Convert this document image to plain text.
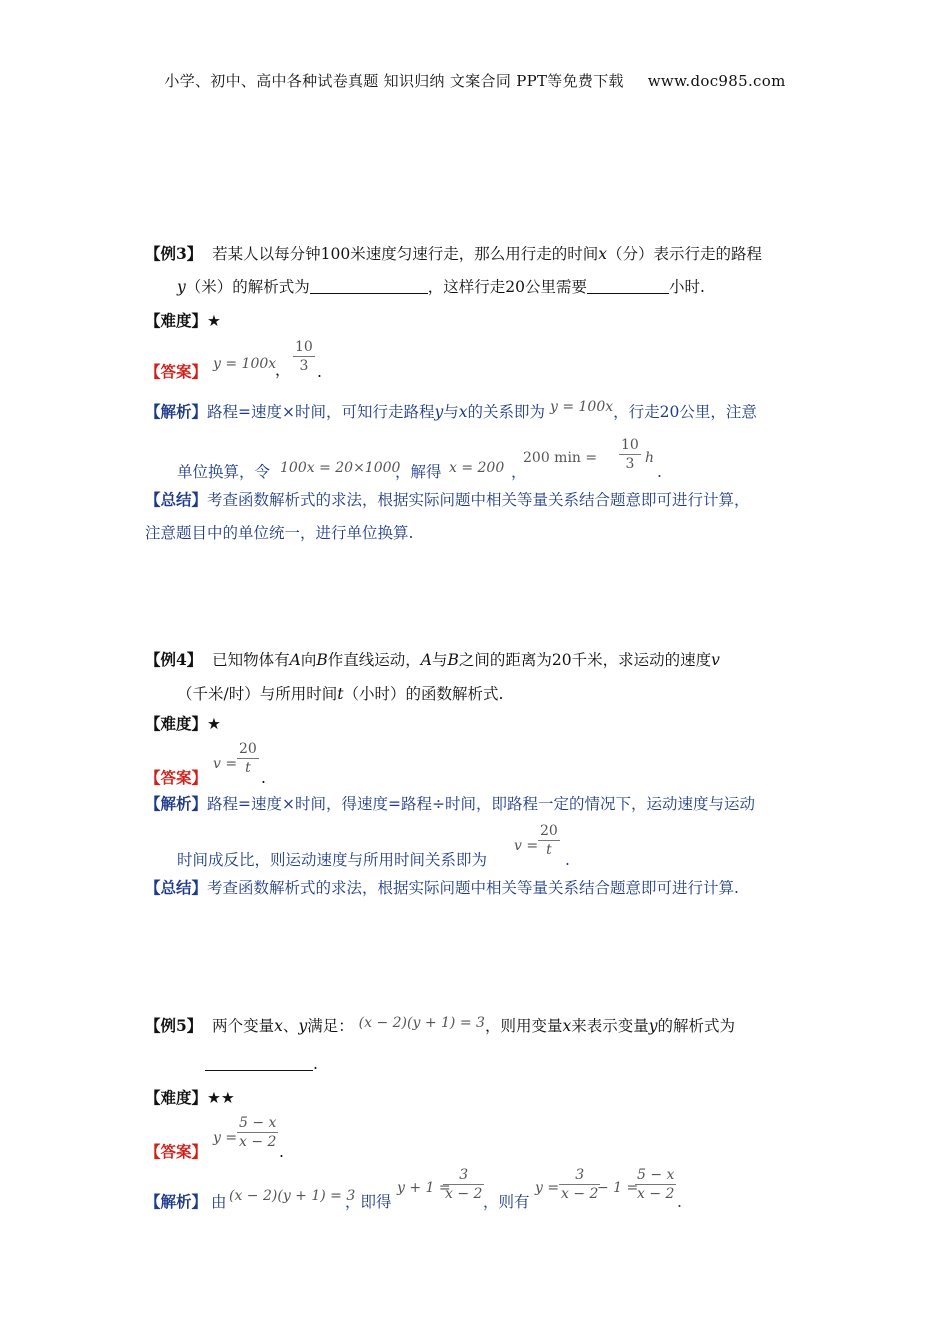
小学、初中、高中各种试卷真题 知识归纳 文案合同 PPT等免费下载 www.doc985.com
【例3】 若某人以每分钟100米速度匀速行走，那么用行走的时间x（分）表示行走的路程
y（米）的解析式为	，这样行走20公里需要	小时.
【难度】★
【答案】 y = 100x
， $\frac{10}{3}$ .
【解析】路程=速度×时间，可知行走路程y与x的关系即为 y = 100x，行走20公里，注意
单位换算，令 100x = 20×1000
，解得 x = 200 ，
200 $\min = \frac{10}{3}$ h
.
【总结】考查函数解析式的求法，根据实际问题中相关等量关系结合题意即可进行计算，
注意题目中的单位统一，进行单位换算.
【例4】 已知物体有A向B作直线运动，A与B之间的距离为20千米，求运动的速度v
（千米/时）与所用时间t（小时）的函数解析式.
【难度】★
【答案】
$v = \frac{20}{t}$
.
【解析】路程=速度×时间，得速度=路程÷时间，即路程一定的情况下，运动速度与运动
时间成反比，则运动速度与所用时间关系即为
$v = \frac{20}{t}$
.
【总结】考查函数解析式的求法，根据实际问题中相关等量关系结合题意即可进行计算.
【例5】 两个变量x、y满足： (x − 2)(y + 1) = 3，则用变量x来表示变量y的解析式为
.
【难度】★★
【答案】
$y = \frac{5 - x}{x - 2}$
.
【解析】 由 (x − 2)(y + 1) = 3
，即得
y + 1 =
$\frac{3}{x - 2}$
，则有
$y = \frac{3}{x - 2}$
− 1 =
$\frac{5 - x}{x - 2}$ .
